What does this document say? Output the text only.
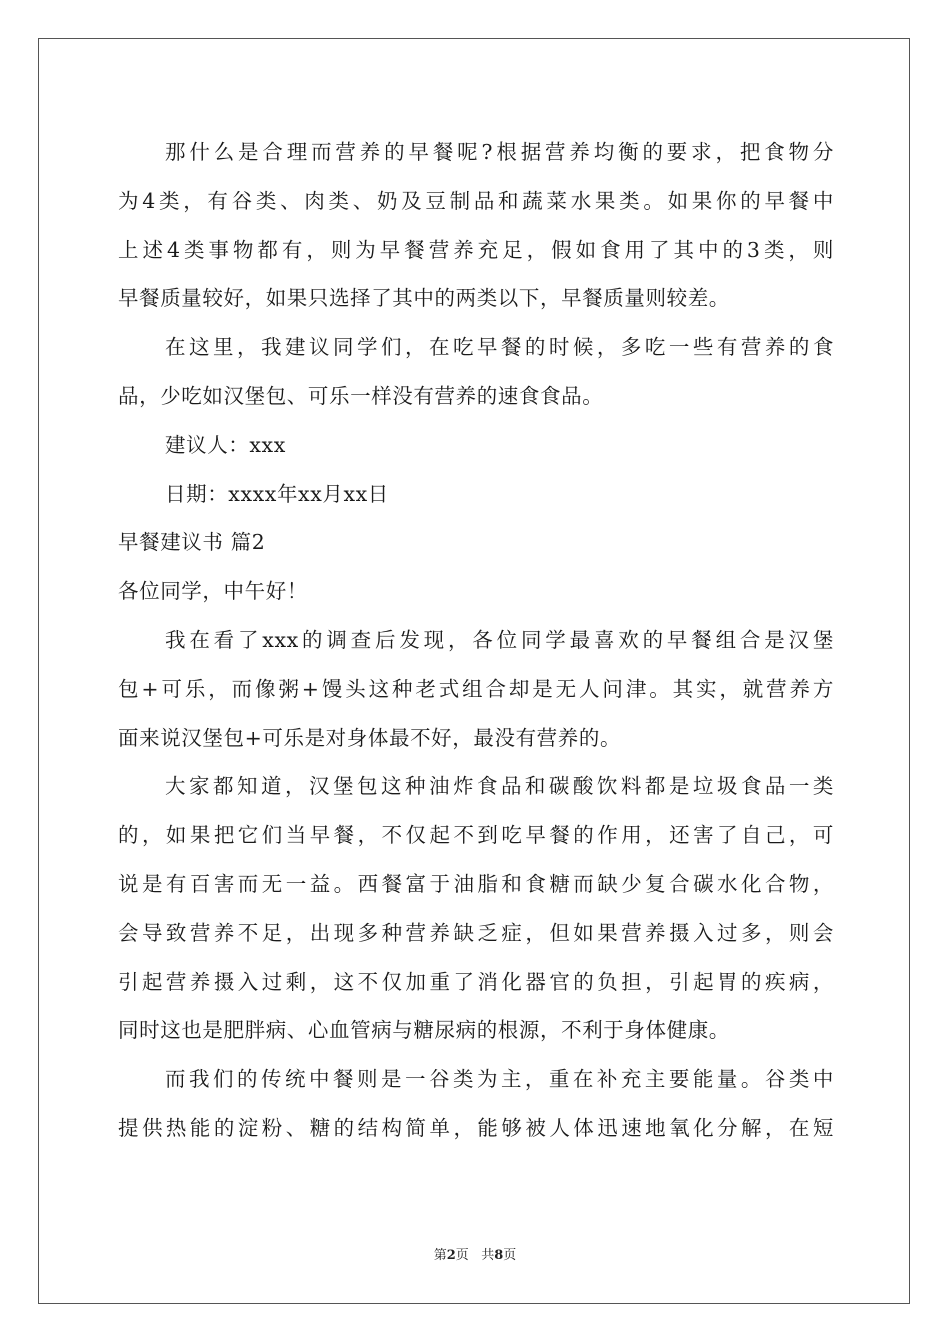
那什么是合理而营养的早餐呢?根据营养均衡的要求，把食物分
为4类，有谷类、肉类、奶及豆制品和蔬菜水果类。如果你的早餐中
上述4类事物都有，则为早餐营养充足，假如食用了其中的3类，则
早餐质量较好，如果只选择了其中的两类以下，早餐质量则较差。
在这里，我建议同学们，在吃早餐的时候，多吃一些有营养的食
品，少吃如汉堡包、可乐一样没有营养的速食食品。
建议人：xxx
日期：xxxx年xx月xx日
早餐建议书 篇2
各位同学，中午好！
我在看了xxx的调查后发现，各位同学最喜欢的早餐组合是汉堡
包+可乐，而像粥+馒头这种老式组合却是无人问津。其实，就营养方
面来说汉堡包+可乐是对身体最不好，最没有营养的。
大家都知道，汉堡包这种油炸食品和碳酸饮料都是垃圾食品一类
的，如果把它们当早餐，不仅起不到吃早餐的作用，还害了自己，可
说是有百害而无一益。西餐富于油脂和食糖而缺少复合碳水化合物，
会导致营养不足，出现多种营养缺乏症，但如果营养摄入过多，则会
引起营养摄入过剩，这不仅加重了消化器官的负担，引起胃的疾病，
同时这也是肥胖病、心血管病与糖尿病的根源，不利于身体健康。
而我们的传统中餐则是一谷类为主，重在补充主要能量。谷类中
提供热能的淀粉、糖的结构简单，能够被人体迅速地氧化分解，在短
第2页 共8页
